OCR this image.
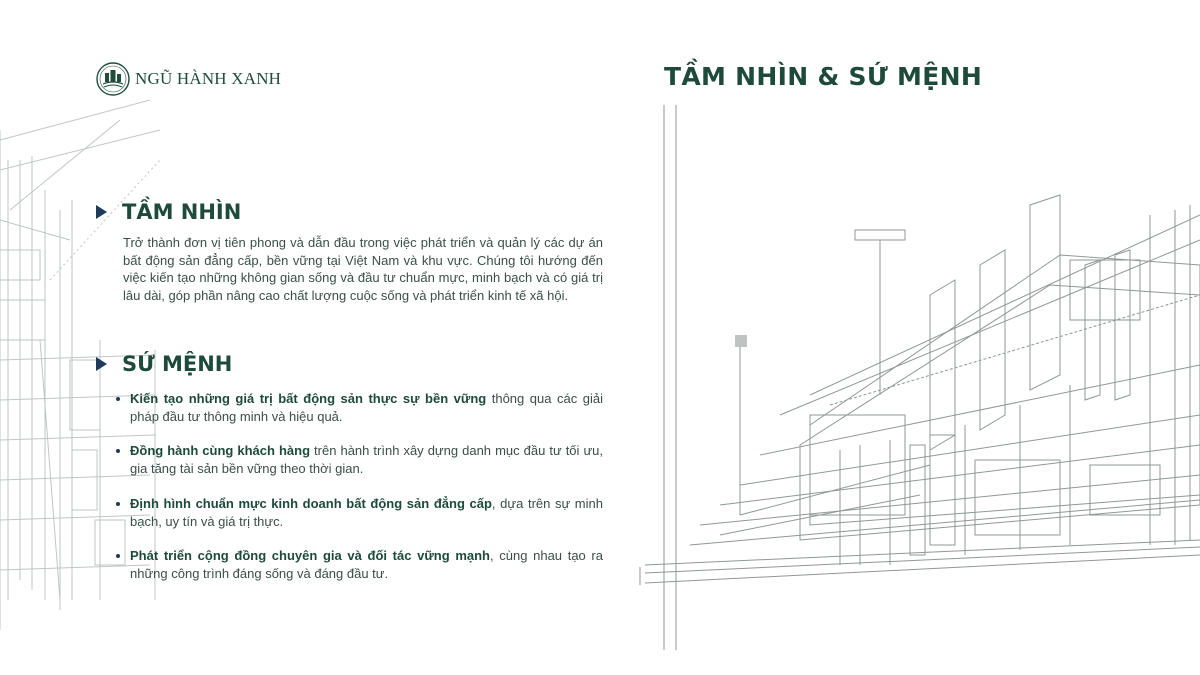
NGŨ HÀNH XANH	TẦM NHÌN & SỨ MỆNH
TẦM NHÌN

Trở thành đơn vị tiên phong và dẫn đầu trong việc phát triển và quản lý các dự án bất động sản đẳng cấp, bền vững tại Việt Nam và khu vực. Chúng tôi hướng đến việc kiến tạo những không gian sống và đầu tư chuẩn mực, minh bạch và có giá trị lâu dài, góp phần nâng cao chất lượng cuộc sống và phát triển kinh tế xã hội.

SỨ MỆNH
Kiến tạo những giá trị bất động sản thực sự bền vững thông qua các giải pháp đầu tư thông minh và hiệu quả.
Đồng hành cùng khách hàng trên hành trình xây dựng danh mục đầu tư tối ưu, gia tăng tài sản bền vững theo thời gian.
Định hình chuẩn mực kinh doanh bất động sản đẳng cấp, dựa trên sự minh bạch, uy tín và giá trị thực.
Phát triển cộng đồng chuyên gia và đối tác vững mạnh, cùng nhau tạo ra những công trình đáng sống và đáng đầu tư.
